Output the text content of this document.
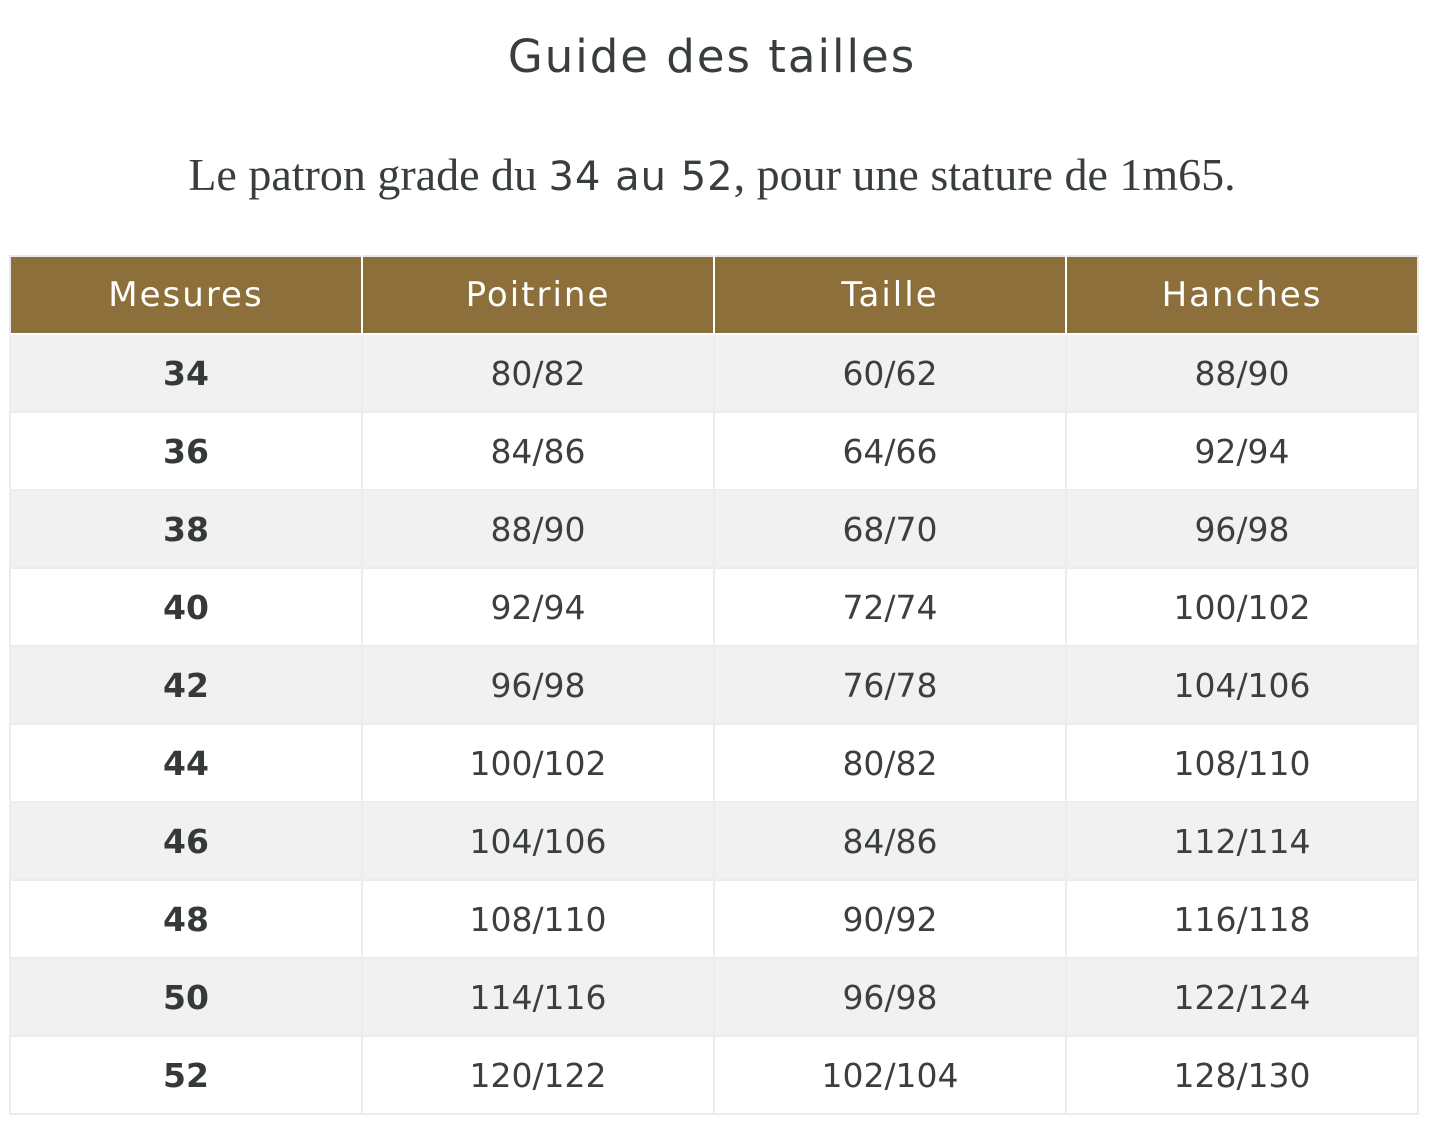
Guide des tailles

Le patron grade du 34 au 52, pour une stature de 1m65.

Mesures	Poitrine	Taille	Hanches
34	80/82	60/62	88/90
36	84/86	64/66	92/94
38	88/90	68/70	96/98
40	92/94	72/74	100/102
42	96/98	76/78	104/106
44	100/102	80/82	108/110
46	104/106	84/86	112/114
48	108/110	90/92	116/118
50	114/116	96/98	122/124
52	120/122	102/104	128/130
